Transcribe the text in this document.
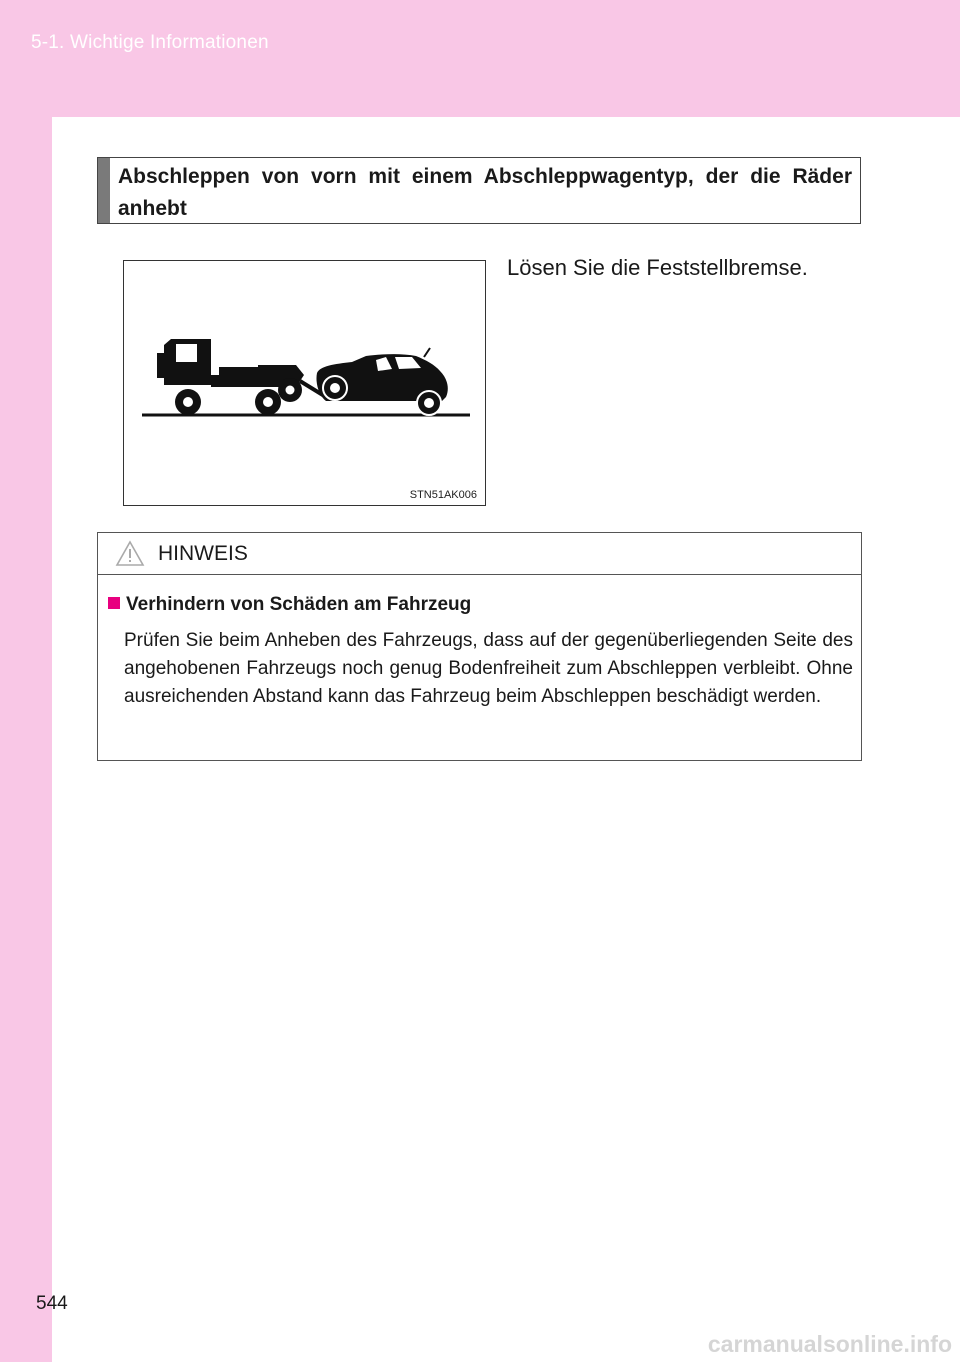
5-1. Wichtige Informationen
Abschleppen von vorn mit einem Abschleppwagentyp, der die Räder anhebt
STN51AK006
Lösen Sie die Feststellbremse.
HINWEIS
Verhindern von Schäden am Fahrzeug
Prüfen Sie beim Anheben des Fahrzeugs, dass auf der gegenüberliegenden Seite des angehobenen Fahrzeugs noch genug Bodenfreiheit zum Abschleppen verbleibt. Ohne ausreichenden Abstand kann das Fahrzeug beim Abschleppen beschädigt werden.
544
carmanualsonline.info
